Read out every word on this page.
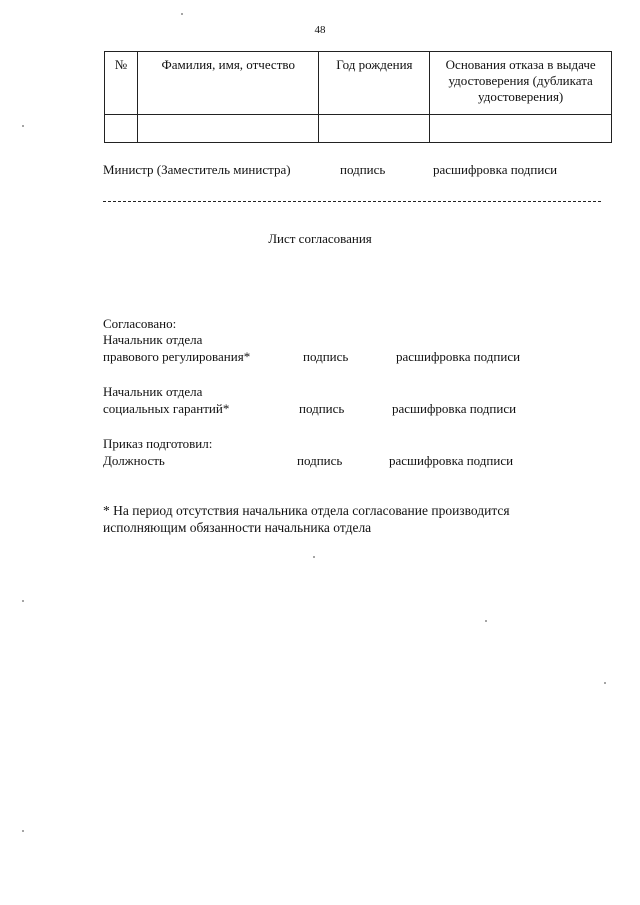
48
№	Фамилия, имя, отчество	Год рождения	Основания отказа в выдаче удостоверения (дубликата удостоверения)

Министр (Заместитель министра)	подпись	расшифровка подписи
Лист согласования
Согласовано:
Начальник отдела
правового регулирования*	подпись	расшифровка подписи
Начальник отдела
социальных гарантий*	подпись	расшифровка подписи
Приказ подготовил:
Должность	подпись	расшифровка подписи
* На период отсутствия начальника отдела согласование производится исполняющим обязанности начальника отдела
